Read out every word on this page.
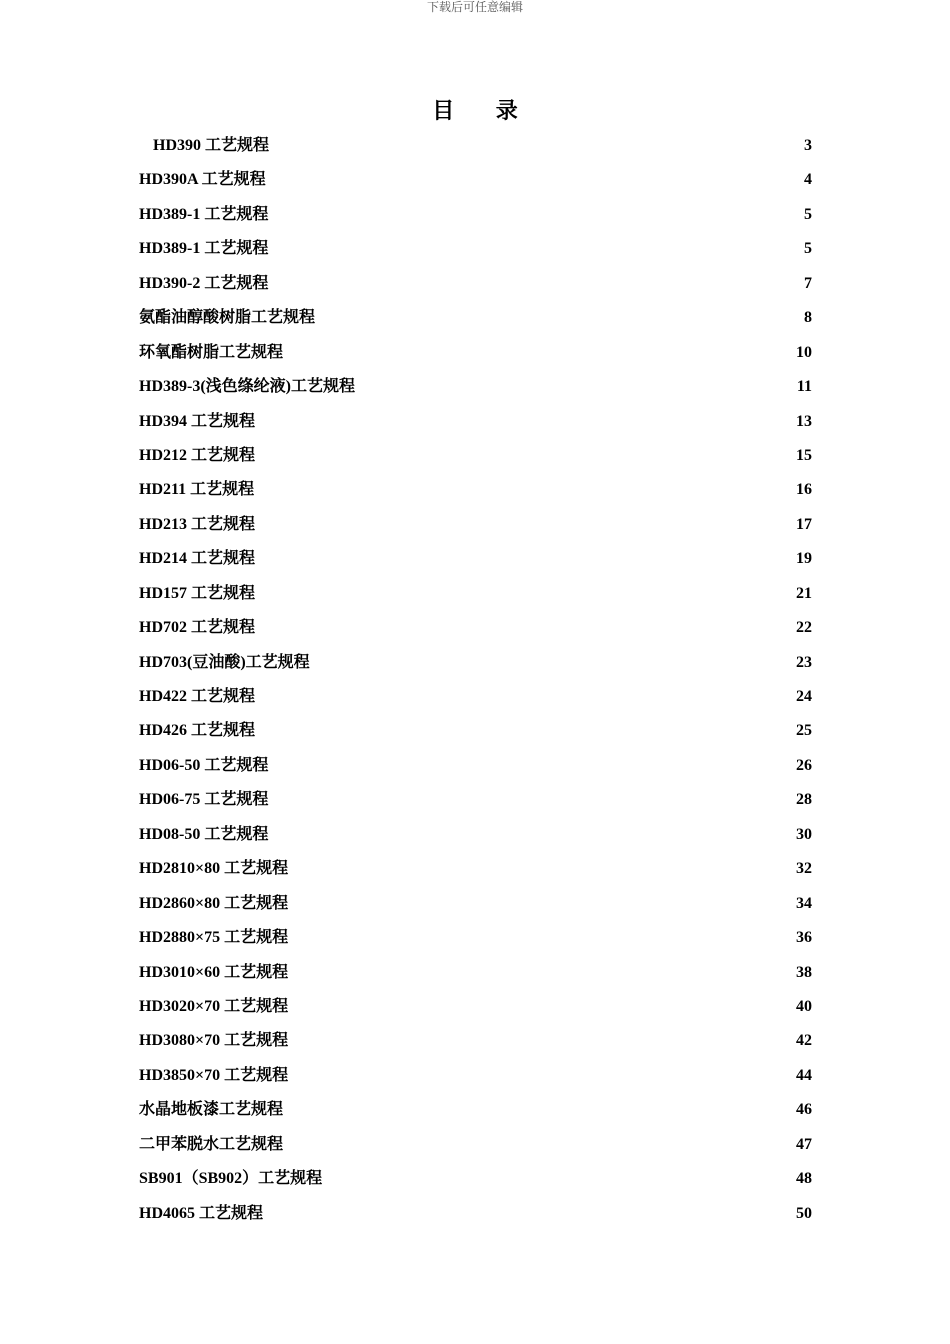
下载后可任意编辑
目 录
HD390 工艺规程	3
HD390A 工艺规程	4
HD389-1 工艺规程	5
HD389-1 工艺规程	5
HD390-2 工艺规程	7
氨酯油醇酸树脂工艺规程	8
环氧酯树脂工艺规程	10
HD389-3(浅色绦纶液)工艺规程	11
HD394 工艺规程	13
HD212 工艺规程	15
HD211 工艺规程	16
HD213 工艺规程	17
HD214 工艺规程	19
HD157 工艺规程	21
HD702 工艺规程	22
HD703(豆油酸)工艺规程	23
HD422 工艺规程	24
HD426 工艺规程	25
HD06-50 工艺规程	26
HD06-75 工艺规程	28
HD08-50 工艺规程	30
HD2810×80 工艺规程	32
HD2860×80 工艺规程	34
HD2880×75 工艺规程	36
HD3010×60 工艺规程	38
HD3020×70 工艺规程	40
HD3080×70 工艺规程	42
HD3850×70 工艺规程	44
水晶地板漆工艺规程	46
二甲苯脱水工艺规程	47
SB901（SB902）工艺规程	48
HD4065 工艺规程	50
